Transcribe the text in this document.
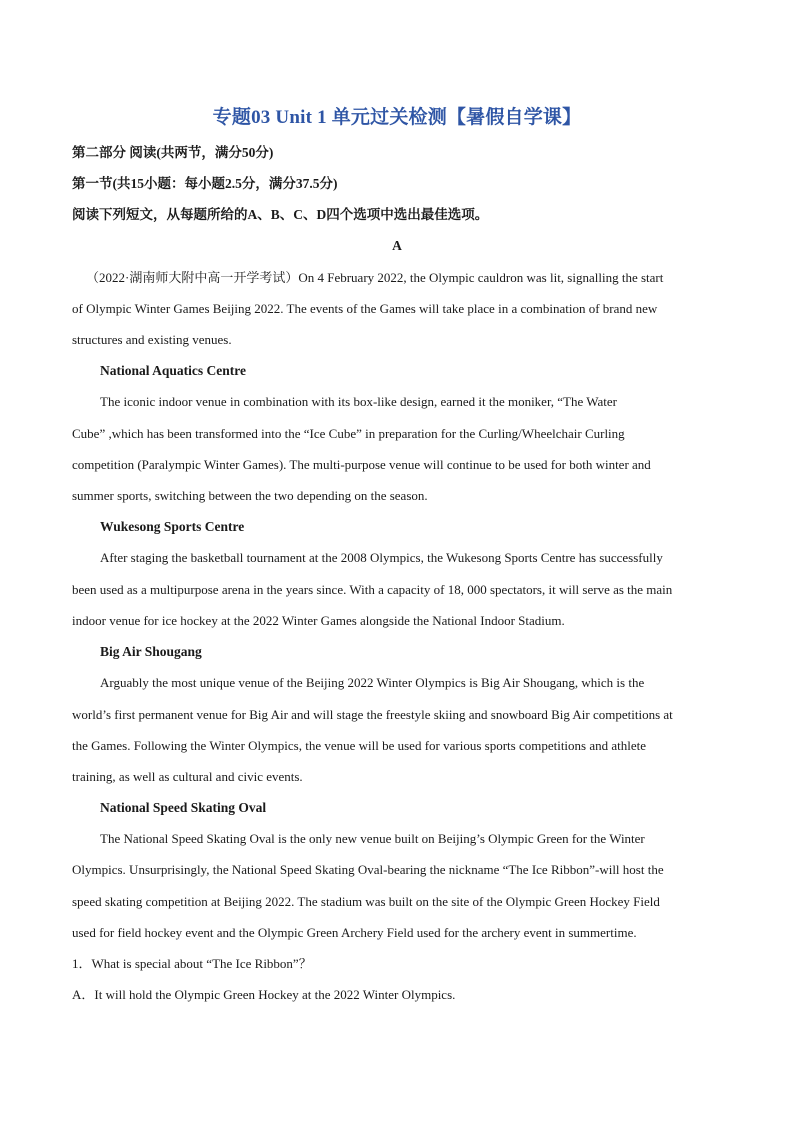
专题03 Unit 1 单元过关检测【暑假自学课】
第二部分 阅读(共两节，满分50分)
第一节(共15小题：每小题2.5分，满分37.5分)
阅读下列短文，从每题所给的A、B、C、D四个选项中选出最佳选项。
A
（2022·湖南师大附中高一开学考试）On 4 February 2022, the Olympic cauldron was lit, signalling the start
of Olympic Winter Games Beijing 2022. The events of the Games will take place in a combination of brand new
structures and existing venues.
National Aquatics Centre
The iconic indoor venue in combination with its box-like design, earned it the moniker, “The Water
Cube” ,which has been transformed into the “Ice Cube” in preparation for the Curling/Wheelchair Curling
competition (Paralympic Winter Games). The multi-purpose venue will continue to be used for both winter and
summer sports, switching between the two depending on the season.
Wukesong Sports Centre
After staging the basketball tournament at the 2008 Olympics, the Wukesong Sports Centre has successfully
been used as a multipurpose arena in the years since. With a capacity of 18, 000 spectators, it will serve as the main
indoor venue for ice hockey at the 2022 Winter Games alongside the National Indoor Stadium.
Big Air Shougang
Arguably the most unique venue of the Beijing 2022 Winter Olympics is Big Air Shougang, which is the
world’s first permanent venue for Big Air and will stage the freestyle skiing and snowboard Big Air competitions at
the Games. Following the Winter Olympics, the venue will be used for various sports competitions and athlete
training, as well as cultural and civic events.
National Speed Skating Oval
The National Speed Skating Oval is the only new venue built on Beijing’s Olympic Green for the Winter
Olympics. Unsurprisingly, the National Speed Skating Oval-bearing the nickname “The Ice Ribbon”-will host the
speed skating competition at Beijing 2022. The stadium was built on the site of the Olympic Green Hockey Field
used for field hockey event and the Olympic Green Archery Field used for the archery event in summertime.
1．What is special about “The Ice Ribbon”？
A．It will hold the Olympic Green Hockey at the 2022 Winter Olympics.
